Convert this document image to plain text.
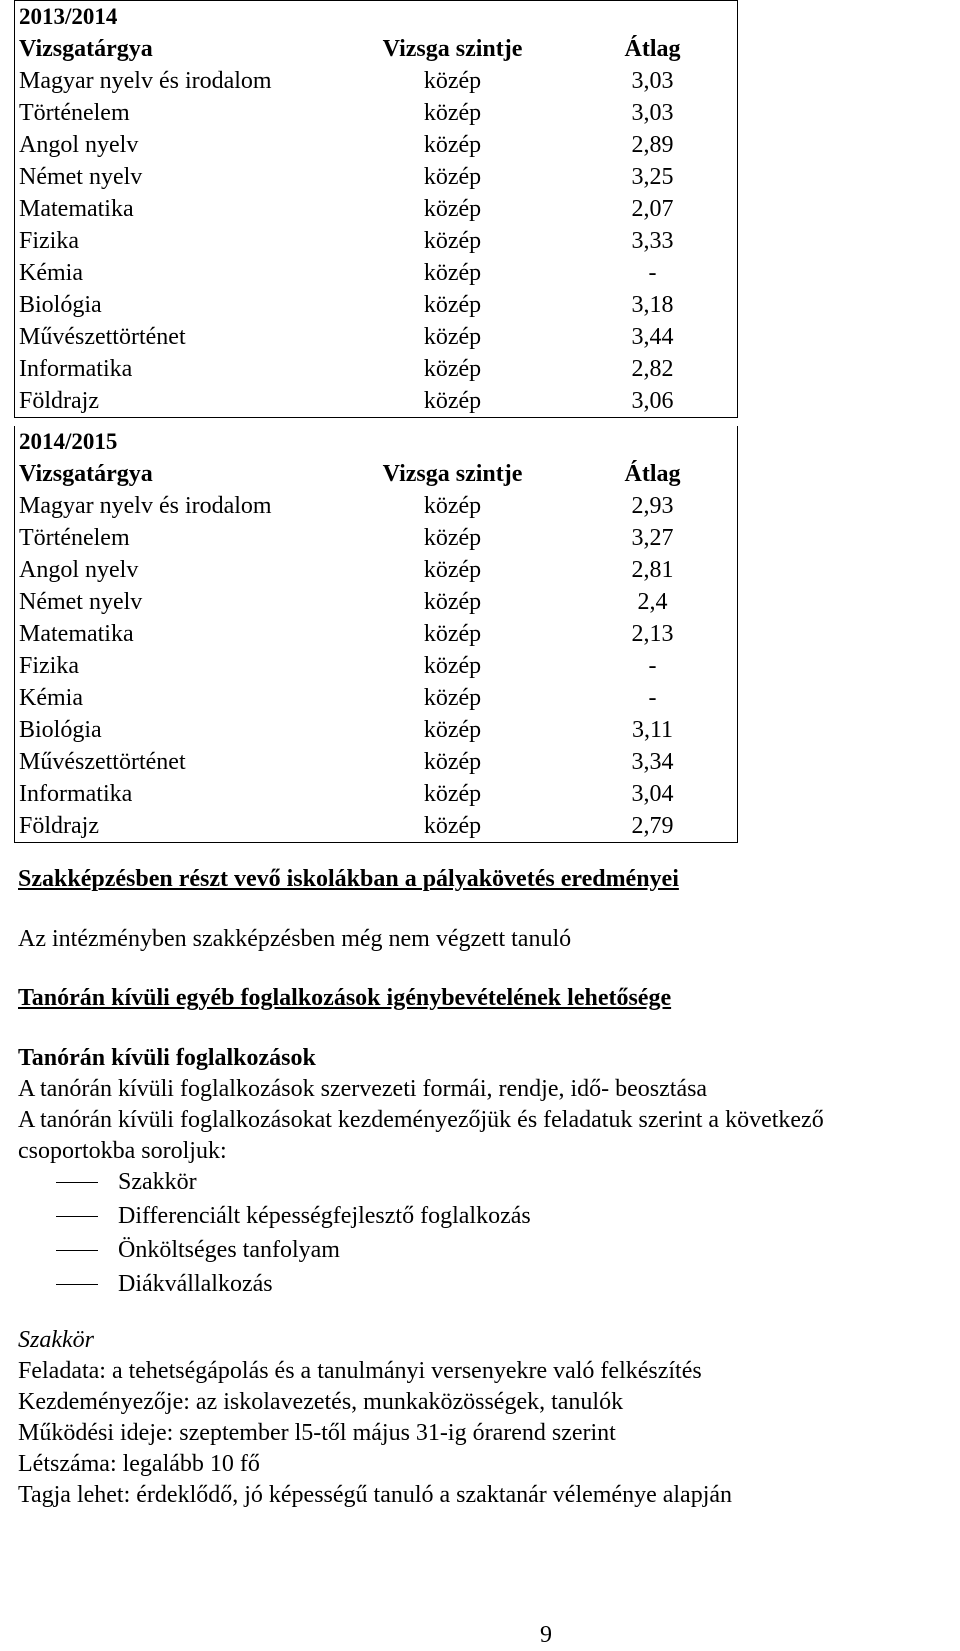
2013/2014
Vizsgatárgya	Vizsga szintje	Átlag
Magyar nyelv és irodalom	közép	3,03
Történelem	közép	3,03
Angol nyelv	közép	2,89
Német nyelv	közép	3,25
Matematika	közép	2,07
Fizika	közép	3,33
Kémia	közép	-
Biológia	közép	3,18
Művészettörténet	közép	3,44
Informatika	közép	2,82
Földrajz	közép	3,06
2014/2015
Vizsgatárgya	Vizsga szintje	Átlag
Magyar nyelv és irodalom	közép	2,93
Történelem	közép	3,27
Angol nyelv	közép	2,81
Német nyelv	közép	2,4
Matematika	közép	2,13
Fizika	közép	-
Kémia	közép	-
Biológia	közép	3,11
Művészettörténet	közép	3,34
Informatika	közép	3,04
Földrajz	közép	2,79
Szakképzésben részt vevő iskolákban a pályakövetés eredményei
Az intézményben szakképzésben még nem végzett tanuló
Tanórán kívüli egyéb foglalkozások igénybevételének lehetősége
Tanórán kívüli foglalkozások
A tanórán kívüli foglalkozások szervezeti formái, rendje, idő- beosztása
A tanórán kívüli foglalkozásokat kezdeményezőjük és feladatuk szerint a következő
csoportokba soroljuk:
Szakkör
Differenciált képességfejlesztő foglalkozás
Önköltséges tanfolyam
Diákvállalkozás
Szakkör
Feladata: a tehetségápolás és a tanulmányi versenyekre való felkészítés
Kezdeményezője: az iskolavezetés, munkaközösségek, tanulók
Működési ideje: szeptember l5-től május 31-ig órarend szerint
Létszáma: legalább 10 fő
Tagja lehet: érdeklődő, jó képességű tanuló a szaktanár véleménye alapján
9
